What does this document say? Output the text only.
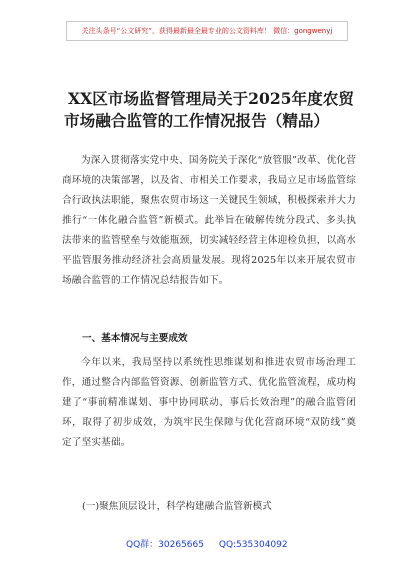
关注头条号“公文研究”，获得最新最全最专业的公文资料库！ 微信：gongwenyj
XX区市场监督管理局关于2025年度农贸
市场融合监管的工作情况报告（精品）

为深入贯彻落实党中央、国务院关于深化“放管服”改革、优化营商环境的决策部署，以及省、市相关工作要求，我局立足市场监管综合行政执法职能，聚焦农贸市场这一关键民生领域，积极探索并大力推行“一体化融合监管”新模式。此举旨在破解传统分段式、多头执法带来的监管壁垒与效能瓶颈，切实减轻经营主体迎检负担，以高水平监管服务推动经济社会高质量发展。现将2025年以来开展农贸市场融合监管的工作情况总结报告如下。

一、基本情况与主要成效

今年以来，我局坚持以系统性思维谋划和推进农贸市场治理工作，通过整合内部监管资源、创新监管方式、优化监管流程，成功构建了“事前精准谋划、事中协同联动、事后长效治理”的融合监管闭环，取得了初步成效，为筑牢民生保障与优化营商环境“双防线”奠定了坚实基础。

(一)聚焦顶层设计，科学构建融合监管新模式

QQ群：30265665 QQ:535304092
